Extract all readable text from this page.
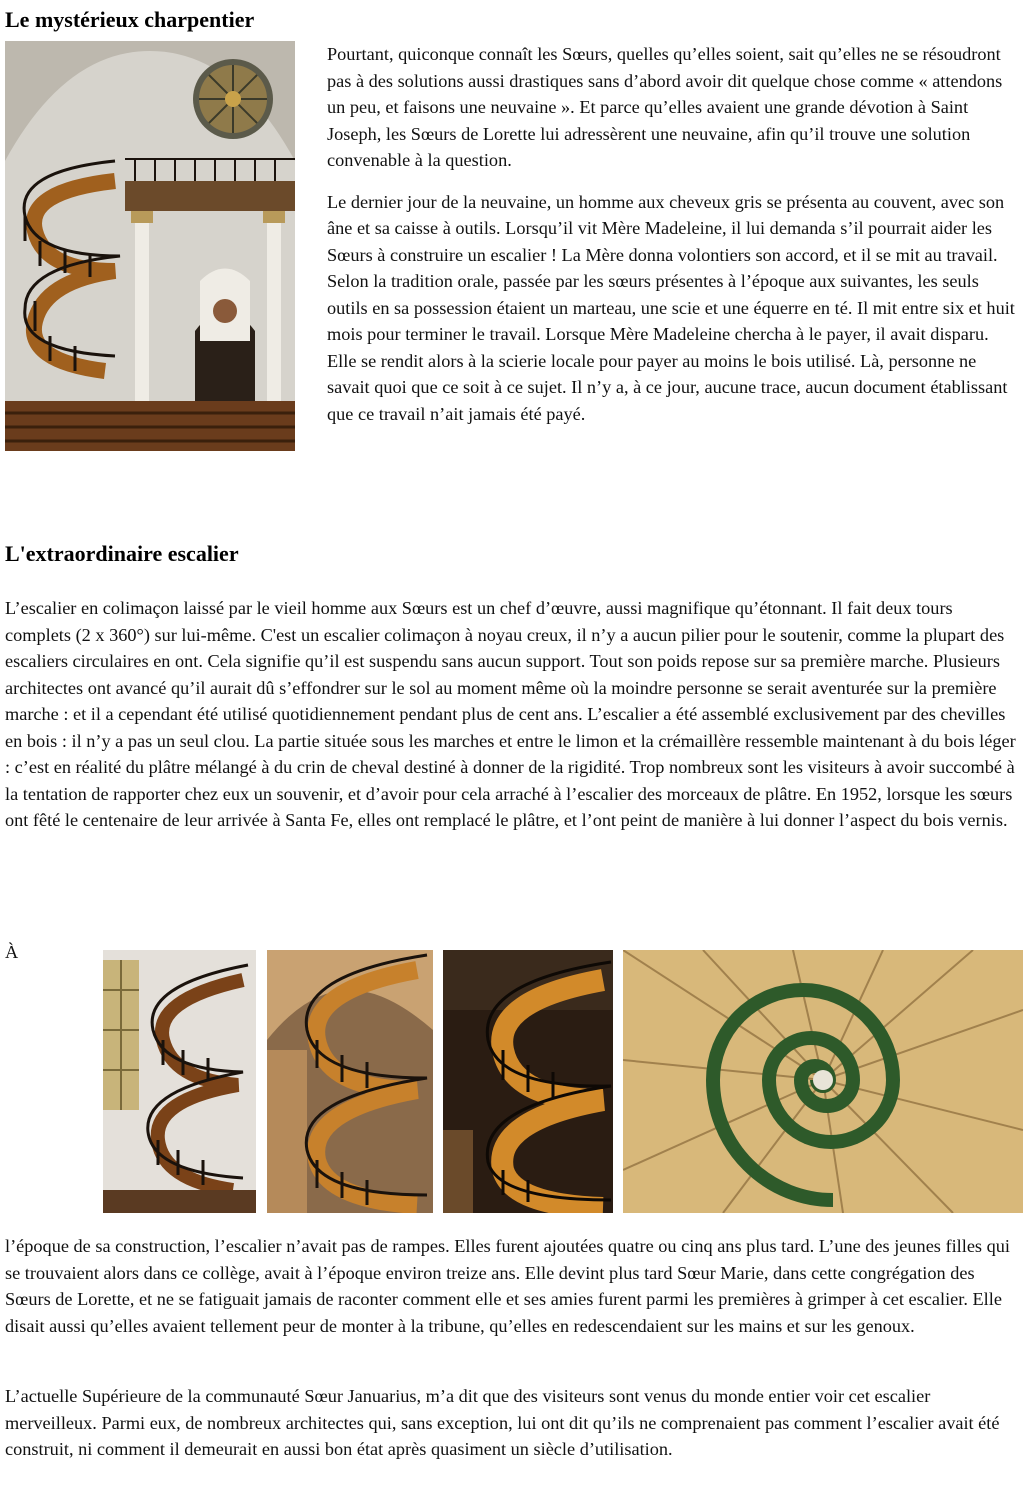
Le mystérieux charpentier

Pourtant, quiconque connaît les Sœurs, quelles qu’elles soient, sait qu’elles ne se résoudront pas à des solutions aussi drastiques sans d’abord avoir dit quelque chose comme « attendons un peu, et faisons une neuvaine ». Et parce qu’elles avaient une grande dévotion à Saint Joseph, les Sœurs de Lorette lui adressèrent une neuvaine, afin qu’il trouve une solution convenable à la question.

Le dernier jour de la neuvaine, un homme aux cheveux gris se présenta au couvent, avec son âne et sa caisse à outils. Lorsqu’il vit Mère Madeleine, il lui demanda s’il pourrait aider les Sœurs à construire un escalier ! La Mère donna volontiers son accord, et il se mit au travail. Selon la tradition orale, passée par les sœurs présentes à l’époque aux suivantes, les seuls outils en sa possession étaient un marteau, une scie et une équerre en té. Il mit entre six et huit mois pour terminer le travail. Lorsque Mère Madeleine chercha à le payer, il avait disparu. Elle se rendit alors à la scierie locale pour payer au moins le bois utilisé. Là, personne ne savait quoi que ce soit à ce sujet. Il n’y a, à ce jour, aucune trace, aucun document établissant que ce travail n’ait jamais été payé.

L'extraordinaire escalier

L’escalier en colimaçon laissé par le vieil homme aux Sœurs est un chef d’œuvre, aussi magnifique qu’étonnant. Il fait deux tours complets (2 x 360°) sur lui-même. C'est un escalier colimaçon à noyau creux, il n’y a aucun pilier pour le soutenir, comme la plupart des escaliers circulaires en ont. Cela signifie qu’il est suspendu sans aucun support. Tout son poids repose sur sa première marche. Plusieurs architectes ont avancé qu’il aurait dû s’effondrer sur le sol au moment même où la moindre personne se serait aventurée sur la première marche : et il a cependant été utilisé quotidiennement pendant plus de cent ans. L’escalier a été assemblé exclusivement par des chevilles en bois : il n’y a pas un seul clou. La partie située sous les marches et entre le limon et la crémaillère ressemble maintenant à du bois léger : c’est en réalité du plâtre mélangé à du crin de cheval destiné à donner de la rigidité. Trop nombreux sont les visiteurs à avoir succombé à la tentation de rapporter chez eux un souvenir, et d’avoir pour cela arraché à l’escalier des morceaux de plâtre. En 1952, lorsque les sœurs ont fêté le centenaire de leur arrivée à Santa Fe, elles ont remplacé le plâtre, et l’ont peint de manière à lui donner l’aspect du bois vernis.

À

l’époque de sa construction, l’escalier n’avait pas de rampes. Elles furent ajoutées quatre ou cinq ans plus tard. L’une des jeunes filles qui se trouvaient alors dans ce collège, avait à l’époque environ treize ans. Elle devint plus tard Sœur Marie, dans cette congrégation des Sœurs de Lorette, et ne se fatiguait jamais de raconter comment elle et ses amies furent parmi les premières à grimper à cet escalier. Elle disait aussi qu’elles avaient tellement peur de monter à la tribune, qu’elles en redescendaient sur les mains et sur les genoux.

L’actuelle Supérieure de la communauté Sœur Januarius, m’a dit que des visiteurs sont venus du monde entier voir cet escalier merveilleux. Parmi eux, de nombreux architectes qui, sans exception, lui ont dit qu’ils ne comprenaient pas comment l’escalier avait été construit, ni comment il demeurait en aussi bon état après quasiment un siècle d’utilisation.
